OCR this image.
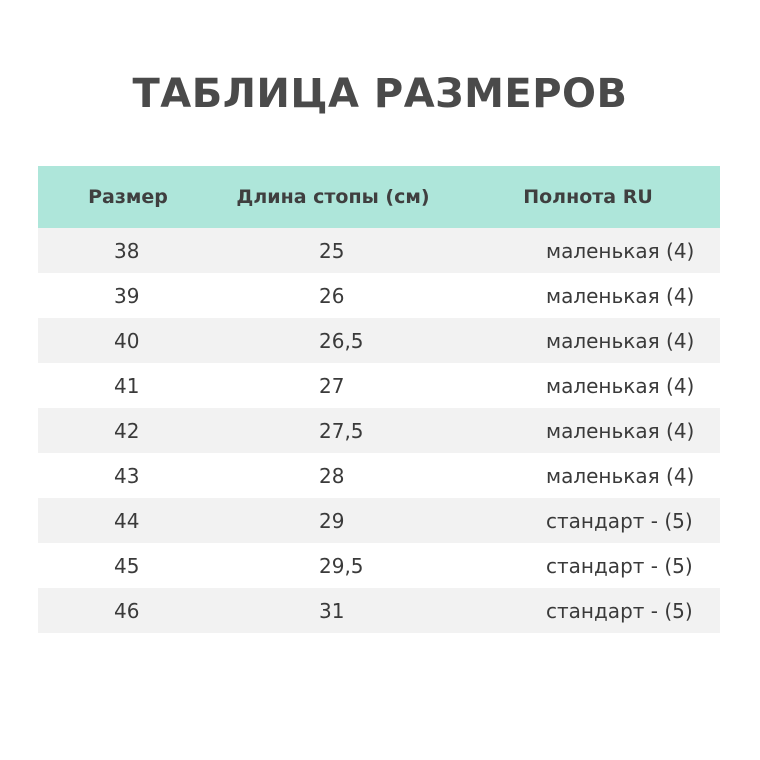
ТАБЛИЦА РАЗМЕРОВ
Размер	Длина стопы (см)	Полнота RU
38	25	маленькая (4)
39	26	маленькая (4)
40	26,5	маленькая (4)
41	27	маленькая (4)
42	27,5	маленькая (4)
43	28	маленькая (4)
44	29	стандарт - (5)
45	29,5	стандарт - (5)
46	31	стандарт - (5)
